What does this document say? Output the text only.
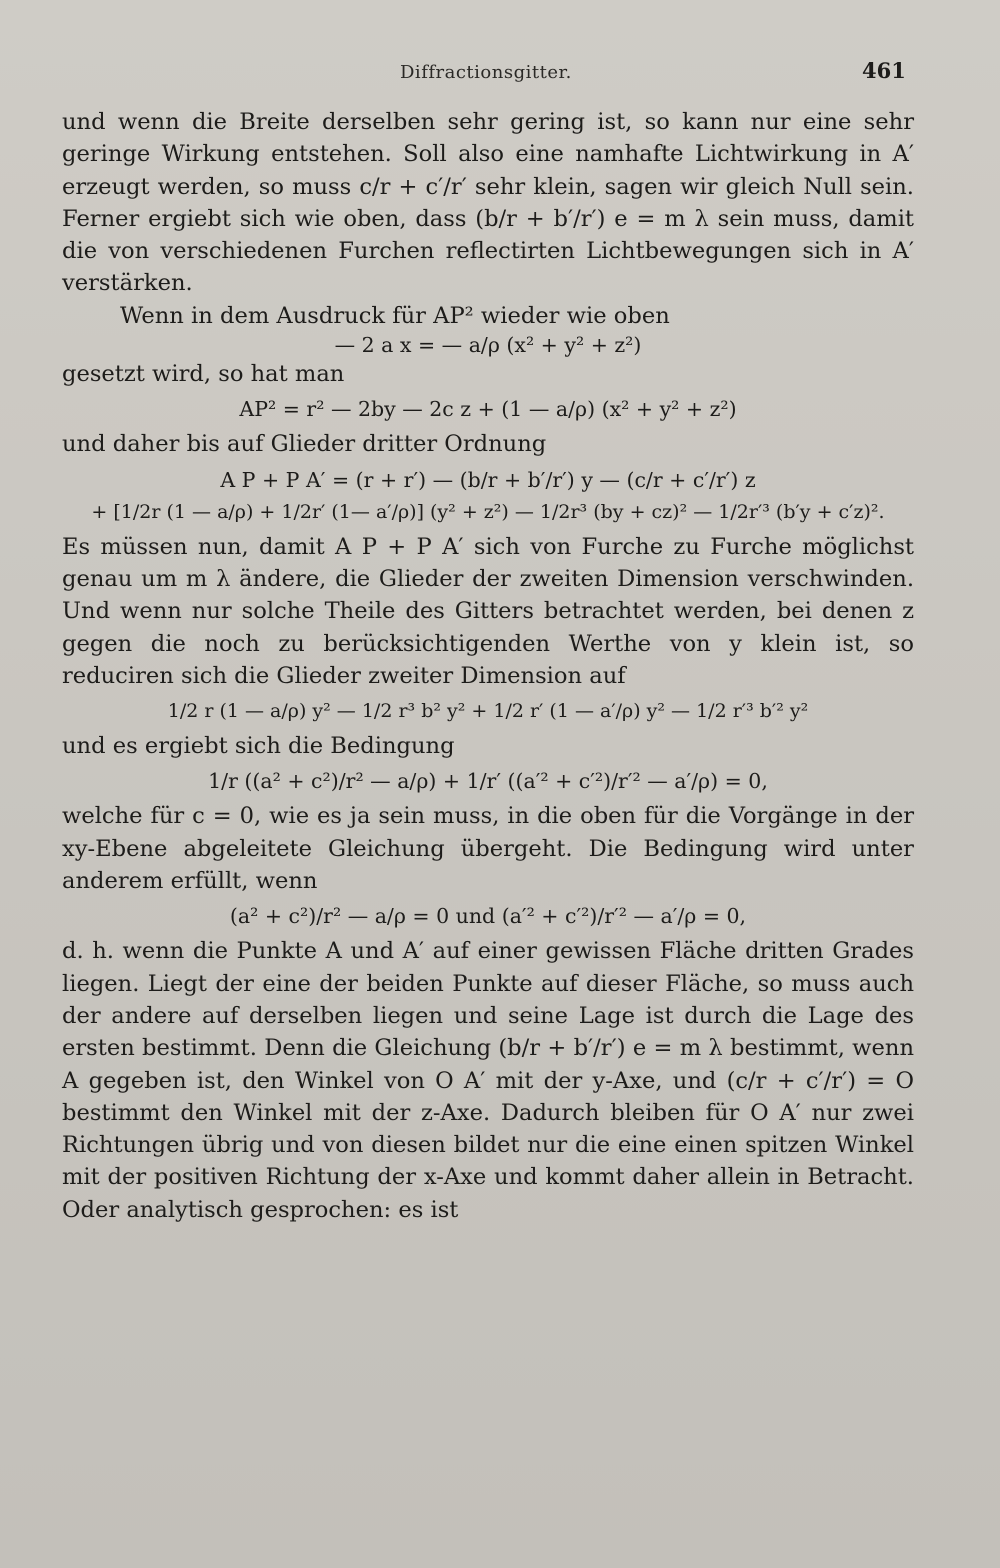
Diffractionsgitter.	461

und wenn die Breite derselben sehr gering ist, so kann nur eine sehr geringe Wirkung entstehen. Soll also eine namhafte Lichtwirkung in A′ erzeugt werden, so muss c/r + c′/r′ sehr klein, sagen wir gleich Null sein. Ferner ergiebt sich wie oben, dass (b/r + b′/r′) e = m λ sein muss, damit die von verschiedenen Furchen reflectirten Lichtbewegungen sich in A′ verstärken.

Wenn in dem Ausdruck für AP² wieder wie oben

— 2 a x = — a/ρ (x² + y² + z²)

gesetzt wird, so hat man

AP² = r² — 2by — 2c z + (1 — a/ρ) (x² + y² + z²)

und daher bis auf Glieder dritter Ordnung

A P + P A′ = (r + r′) — (b/r + b′/r′) y — (c/r + c′/r′) z

+ [1/2r (1 — a/ρ) + 1/2r′ (1— a′/ρ)] (y² + z²) — 1/2r³ (by + cz)² — 1/2r′³ (b′y + c′z)².

Es müssen nun, damit A P + P A′ sich von Furche zu Furche möglichst genau um m λ ändere, die Glieder der zweiten Dimension verschwinden. Und wenn nur solche Theile des Gitters betrachtet werden, bei denen z gegen die noch zu berücksichtigenden Werthe von y klein ist, so reduciren sich die Glieder zweiter Dimension auf

1/2 r (1 — a/ρ) y² — 1/2 r³ b² y² + 1/2 r′ (1 — a′/ρ) y² — 1/2 r′³ b′² y²

und es ergiebt sich die Bedingung

1/r ((a² + c²)/r² — a/ρ) + 1/r′ ((a′² + c′²)/r′² — a′/ρ) = 0,

welche für c = 0, wie es ja sein muss, in die oben für die Vorgänge in der xy-Ebene abgeleitete Gleichung übergeht. Die Bedingung wird unter anderem erfüllt, wenn

(a² + c²)/r² — a/ρ = 0 und (a′² + c′²)/r′² — a′/ρ = 0,

d. h. wenn die Punkte A und A′ auf einer gewissen Fläche dritten Grades liegen. Liegt der eine der beiden Punkte auf dieser Fläche, so muss auch der andere auf derselben liegen und seine Lage ist durch die Lage des ersten bestimmt. Denn die Gleichung (b/r + b′/r′) e = m λ bestimmt, wenn A gegeben ist, den Winkel von O A′ mit der y-Axe, und (c/r + c′/r′) = O bestimmt den Winkel mit der z-Axe. Dadurch bleiben für O A′ nur zwei Richtungen übrig und von diesen bildet nur die eine einen spitzen Winkel mit der positiven Richtung der x-Axe und kommt daher allein in Betracht. Oder analytisch gesprochen: es ist
